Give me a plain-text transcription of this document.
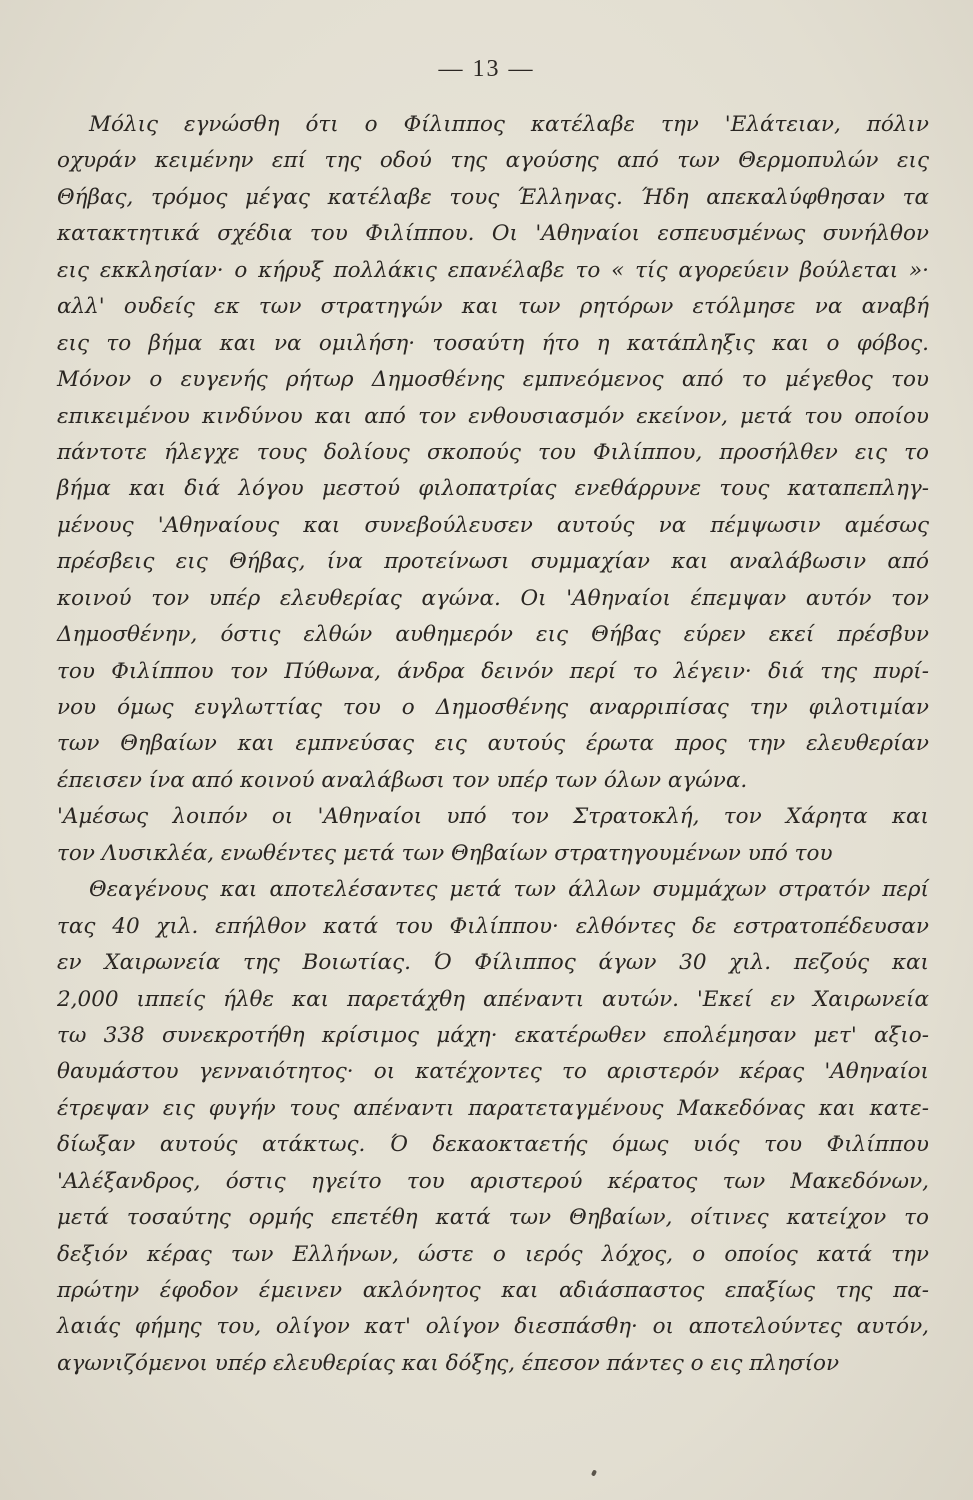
— 13 —
Μόλις εγνώσθη ότι ο Φίλιππος κατέλαβε την 'Ελάτειαν, πόλιν
οχυράν κειμένην επί της οδού της αγούσης από των Θερμοπυλών εις
Θήβας, τρόμος μέγας κατέλαβε τους Έλληνας. Ήδη απεκαλύφθησαν τα
κατακτητικά σχέδια του Φιλίππου. Οι 'Αθηναίοι εσπευσμένως συνήλθον
εις εκκλησίαν· ο κήρυξ πολλάκις επανέλαβε το « τίς αγορεύειν βούλεται »·
αλλ' ουδείς εκ των στρατηγών και των ρητόρων ετόλμησε να αναβή
εις το βήμα και να ομιλήση· τοσαύτη ήτο η κατάπληξις και ο φόβος.
Μόνον ο ευγενής ρήτωρ Δημοσθένης εμπνεόμενος από το μέγεθος του
επικειμένου κινδύνου και από τον ενθουσιασμόν εκείνον, μετά του οποίου
πάντοτε ήλεγχε τους δολίους σκοπούς του Φιλίππου, προσήλθεν εις το
βήμα και διά λόγου μεστού φιλοπατρίας ενεθάρρυνε τους καταπεπληγ-
μένους 'Αθηναίους και συνεβούλευσεν αυτούς να πέμψωσιν αμέσως
πρέσβεις εις Θήβας, ίνα προτείνωσι συμμαχίαν και αναλάβωσιν από
κοινού τον υπέρ ελευθερίας αγώνα. Οι 'Αθηναίοι έπεμψαν αυτόν τον
Δημοσθένην, όστις ελθών αυθημερόν εις Θήβας εύρεν εκεί πρέσβυν
του Φιλίππου τον Πύθωνα, άνδρα δεινόν περί το λέγειν· διά της πυρί-
νου όμως ευγλωττίας του ο Δημοσθένης αναρριπίσας την φιλοτιμίαν
των Θηβαίων και εμπνεύσας εις αυτούς έρωτα προς την ελευθερίαν
έπεισεν ίνα από κοινού αναλάβωσι τον υπέρ των όλων αγώνα.
'Αμέσως λοιπόν οι 'Αθηναίοι υπό τον Στρατοκλή, τον Χάρητα και
τον Λυσικλέα, ενωθέντες μετά των Θηβαίων στρατηγουμένων υπό του
Θεαγένους και αποτελέσαντες μετά των άλλων συμμάχων στρατόν περί
τας 40 χιλ. επήλθον κατά του Φιλίππου· ελθόντες δε εστρατοπέδευσαν
εν Χαιρωνεία της Βοιωτίας. Ό Φίλιππος άγων 30 χιλ. πεζούς και
2,000 ιππείς ήλθε και παρετάχθη απέναντι αυτών. 'Εκεί εν Χαιρωνεία
τω 338 συνεκροτήθη κρίσιμος μάχη· εκατέρωθεν επολέμησαν μετ' αξιο-
θαυμάστου γενναιότητος· οι κατέχοντες το αριστερόν κέρας 'Αθηναίοι
έτρεψαν εις φυγήν τους απέναντι παρατεταγμένους Μακεδόνας και κατε-
δίωξαν αυτούς ατάκτως. Ό δεκαοκταετής όμως υιός του Φιλίππου
'Αλέξανδρος, όστις ηγείτο του αριστερού κέρατος των Μακεδόνων,
μετά τοσαύτης ορμής επετέθη κατά των Θηβαίων, οίτινες κατείχον το
δεξιόν κέρας των Ελλήνων, ώστε ο ιερός λόχος, ο οποίος κατά την
πρώτην έφοδον έμεινεν ακλόνητος και αδιάσπαστος επαξίως της πα-
λαιάς φήμης του, ολίγον κατ' ολίγον διεσπάσθη· οι αποτελούντες αυτόν,
αγωνιζόμενοι υπέρ ελευθερίας και δόξης, έπεσον πάντες ο εις πλησίον
